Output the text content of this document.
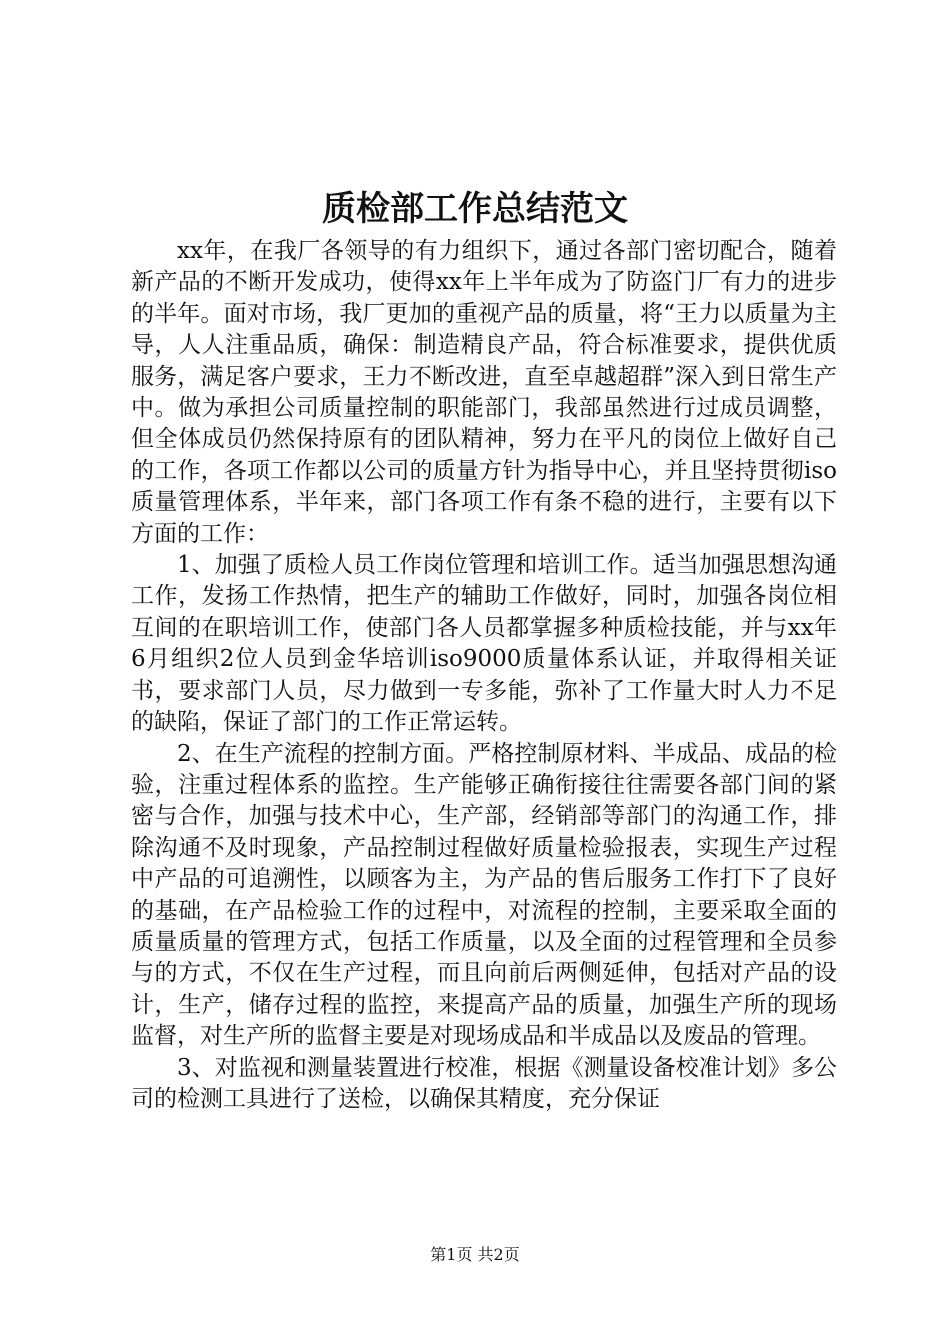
质检部工作总结范文

xx年，在我厂各领导的有力组织下，通过各部门密切配合，随着新产品的不断开发成功，使得xx年上半年成为了防盗门厂有力的进步的半年。面对市场，我厂更加的重视产品的质量，将“王力以质量为主导，人人注重品质，确保：制造精良产品，符合标准要求，提供优质服务，满足客户要求，王力不断改进，直至卓越超群”深入到日常生产中。做为承担公司质量控制的职能部门，我部虽然进行过成员调整，但全体成员仍然保持原有的团队精神，努力在平凡的岗位上做好自己的工作，各项工作都以公司的质量方针为指导中心，并且坚持贯彻iso质量管理体系，半年来，部门各项工作有条不稳的进行，主要有以下方面的工作：

1、加强了质检人员工作岗位管理和培训工作。适当加强思想沟通工作，发扬工作热情，把生产的辅助工作做好，同时，加强各岗位相互间的在职培训工作，使部门各人员都掌握多种质检技能，并与xx年6月组织2位人员到金华培训iso9000质量体系认证，并取得相关证书，要求部门人员，尽力做到一专多能，弥补了工作量大时人力不足的缺陷，保证了部门的工作正常运转。

2、在生产流程的控制方面。严格控制原材料、半成品、成品的检验，注重过程体系的监控。生产能够正确衔接往往需要各部门间的紧密与合作，加强与技术中心，生产部，经销部等部门的沟通工作，排除沟通不及时现象，产品控制过程做好质量检验报表，实现生产过程中产品的可追溯性，以顾客为主，为产品的售后服务工作打下了良好的基础，在产品检验工作的过程中，对流程的控制，主要采取全面的质量质量的管理方式，包括工作质量，以及全面的过程管理和全员参与的方式，不仅在生产过程，而且向前后两侧延伸，包括对产品的设计，生产，储存过程的监控，来提高产品的质量，加强生产所的现场监督，对生产所的监督主要是对现场成品和半成品以及废品的管理。

3、对监视和测量装置进行校准，根据《测量设备校准计划》多公司的检测工具进行了送检，以确保其精度，充分保证

第1页 共2页
